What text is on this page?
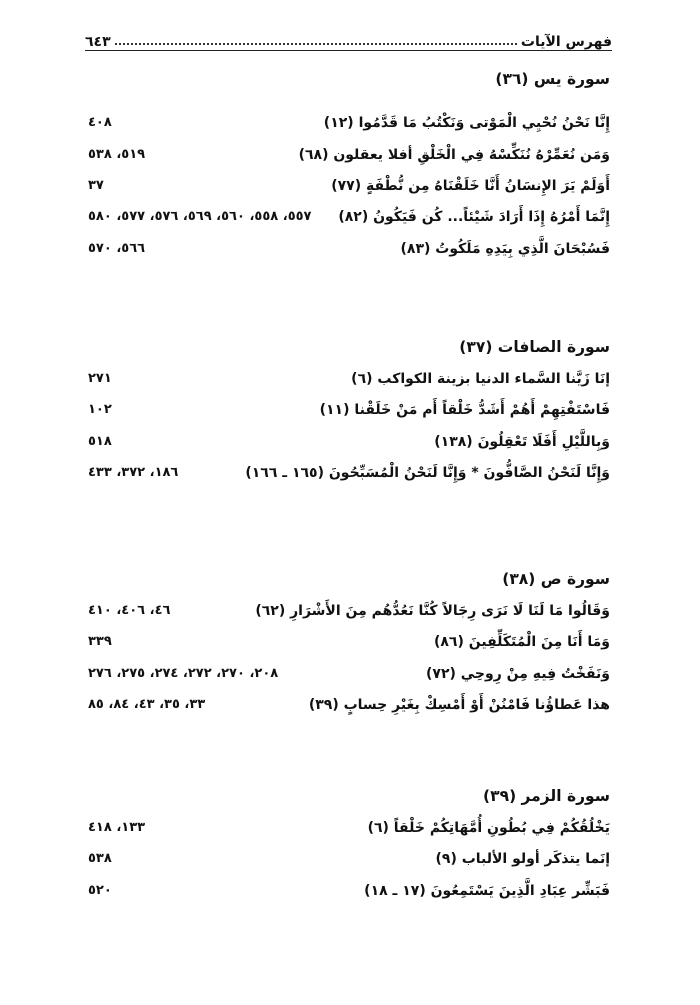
فهرس الآيات
٦٤٣
سورة يس (٣٦)
إِنَّا نَحْنُ نُحْيِي الْمَوْتى وَنَكْتُبُ مَا قَدَّمُوا (١٢)
٤٠٨
وَمَن نُعَمِّرْهُ نُنَكِّسْهُ فِي الْخَلْقِ أفلا يعقلون (٦٨)
٥١٩، ٥٣٨
أَوَلَمْ يَرَ الإِنسَانُ أَنَّا خَلَقْنَاهُ مِن نُّطْفَةٍ (٧٧)
٣٧
إِنَّمَا أَمْرُهُ إِذَا أَرَادَ شَيْئاً... كُن فَيَكُونُ (٨٢)
٥٥٧، ٥٥٨، ٥٦٠، ٥٦٩، ٥٧٦، ٥٧٧، ٥٨٠
فَسُبْحَانَ الَّذِي بِيَدِهِ مَلَكُوتُ (٨٣)
٥٦٦، ٥٧٠
سورة الصافات (٣٧)
إنَا زَيَّنا السَّماء الدنيا بزينة الكواكب (٦)
٢٧١
فَاسْتَفْتِهِمْ أَهُمْ أَشَدُّ خَلْقاً أَم مَنْ خَلَقْنا (١١)
١٠٢
وَبِاللَّيْلِ أَفَلَا تَعْقِلُونَ (١٣٨)
٥١٨
وَإِنَّا لَنَحْنُ الصَّافُّونَ * وَإِنَّا لَنَحْنُ الْمُسَبِّحُونَ (١٦٥ ـ ١٦٦)
١٨٦، ٣٧٢، ٤٣٣
سورة ص (٣٨)
وَقَالُوا مَا لَنَا لَا نَرَى رِجَالاً كُنَّا نَعُدُّهُم مِنَ الأَشْرَارِ (٦٢)
٤٦، ٤٠٦، ٤١٠
وَمَا أَنَا مِنَ الْمُتَكَلِّفِينَ (٨٦)
٣٣٩
وَنَفَخْتُ فِيهِ مِنْ رِوحِي (٧٢)
٢٠٨، ٢٧٠، ٢٧٢، ٢٧٤، ٢٧٥، ٢٧٦
هذا عَطاؤُنا فَامْنُنْ أَوْ أَمْسِكْ بِغَيْرِ حِسابٍ (٣٩)
٣٣، ٣٥، ٤٣، ٨٤، ٨٥
سورة الزمر (٣٩)
يَخْلُقُكُمْ فِي بُطُونِ أُمَّهَاتِكُمْ خَلْقاً (٦)
١٣٣، ٤١٨
إنَما يتذكَر أولو الألباب (٩)
٥٣٨
فَبَشِّر عِبَادِ الَّذِينَ يَسْتَمِعُونَ (١٧ ـ ١٨)
٥٢٠
